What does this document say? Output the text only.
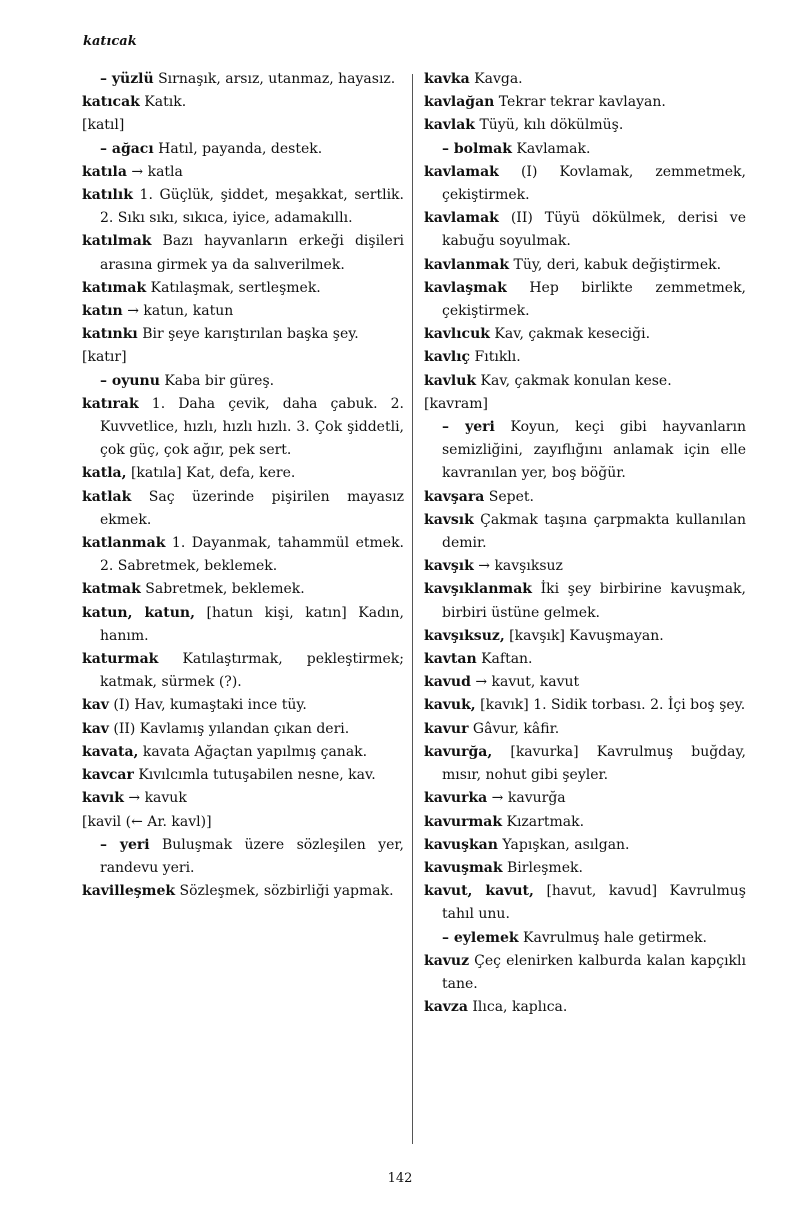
katıcak
– yüzlü Sırnaşık, arsız, utanmaz, hayasız.
katıcak Katık.
[katıl]
– ağacı Hatıl, payanda, destek.
katıla → katla
katılık 1. Güçlük, şiddet, meşakkat, sertlik. 2. Sıkı sıkı, sıkıca, iyice, adamakıllı.
katılmak Bazı hayvanların erkeği dişileri arasına girmek ya da salıverilmek.
katımak Katılaşmak, sertleşmek.
katın → katun, katun
katınkı Bir şeye karıştırılan başka şey.
[katır]
– oyunu Kaba bir güreş.
katırak 1. Daha çevik, daha çabuk. 2. Kuvvetlice, hızlı, hızlı hızlı. 3. Çok şiddetli, çok güç, çok ağır, pek sert.
katla, [katıla] Kat, defa, kere.
katlak Saç üzerinde pişirilen mayasız ekmek.
katlanmak 1. Dayanmak, tahammül etmek. 2. Sabretmek, beklemek.
katmak Sabretmek, beklemek.
katun, katun, [hatun kişi, katın] Kadın, hanım.
katurmak Katılaştırmak, pekleştirmek; katmak, sürmek (?).
kav (I) Hav, kumaştaki ince tüy.
kav (II) Kavlamış yılandan çıkan deri.
kavata, kavata Ağaçtan yapılmış çanak.
kavcar Kıvılcımla tutuşabilen nesne, kav.
kavık → kavuk
[kavil (← Ar. kavl)]
– yeri Buluşmak üzere sözleşilen yer, randevu yeri.
kavilleşmek Sözleşmek, sözbirliği yapmak.
kavka Kavga.
kavlağan Tekrar tekrar kavlayan.
kavlak Tüyü, kılı dökülmüş.
– bolmak Kavlamak.
kavlamak (I) Kovlamak, zemmetmek, çekiştirmek.
kavlamak (II) Tüyü dökülmek, derisi ve kabuğu soyulmak.
kavlanmak Tüy, deri, kabuk değiştirmek.
kavlaşmak Hep birlikte zemmetmek, çekiştirmek.
kavlıcuk Kav, çakmak keseciği.
kavlıç Fıtıklı.
kavluk Kav, çakmak konulan kese.
[kavram]
– yeri Koyun, keçi gibi hayvanların semizliğini, zayıflığını anlamak için elle kavranılan yer, boş böğür.
kavşara Sepet.
kavsık Çakmak taşına çarpmakta kullanılan demir.
kavşık → kavşıksuz
kavşıklanmak İki şey birbirine kavuşmak, birbiri üstüne gelmek.
kavşıksuz, [kavşık] Kavuşmayan.
kavtan Kaftan.
kavud → kavut, kavut
kavuk, [kavık] 1. Sidik torbası. 2. İçi boş şey.
kavur Gâvur, kâfir.
kavurğa, [kavurka] Kavrulmuş buğday, mısır, nohut gibi şeyler.
kavurka → kavurğa
kavurmak Kızartmak.
kavuşkan Yapışkan, asılgan.
kavuşmak Birleşmek.
kavut, kavut, [havut, kavud] Kavrulmuş tahıl unu.
– eylemek Kavrulmuş hale getirmek.
kavuz Çeç elenirken kalburda kalan kapçıklı tane.
kavza Ilıca, kaplıca.
142
